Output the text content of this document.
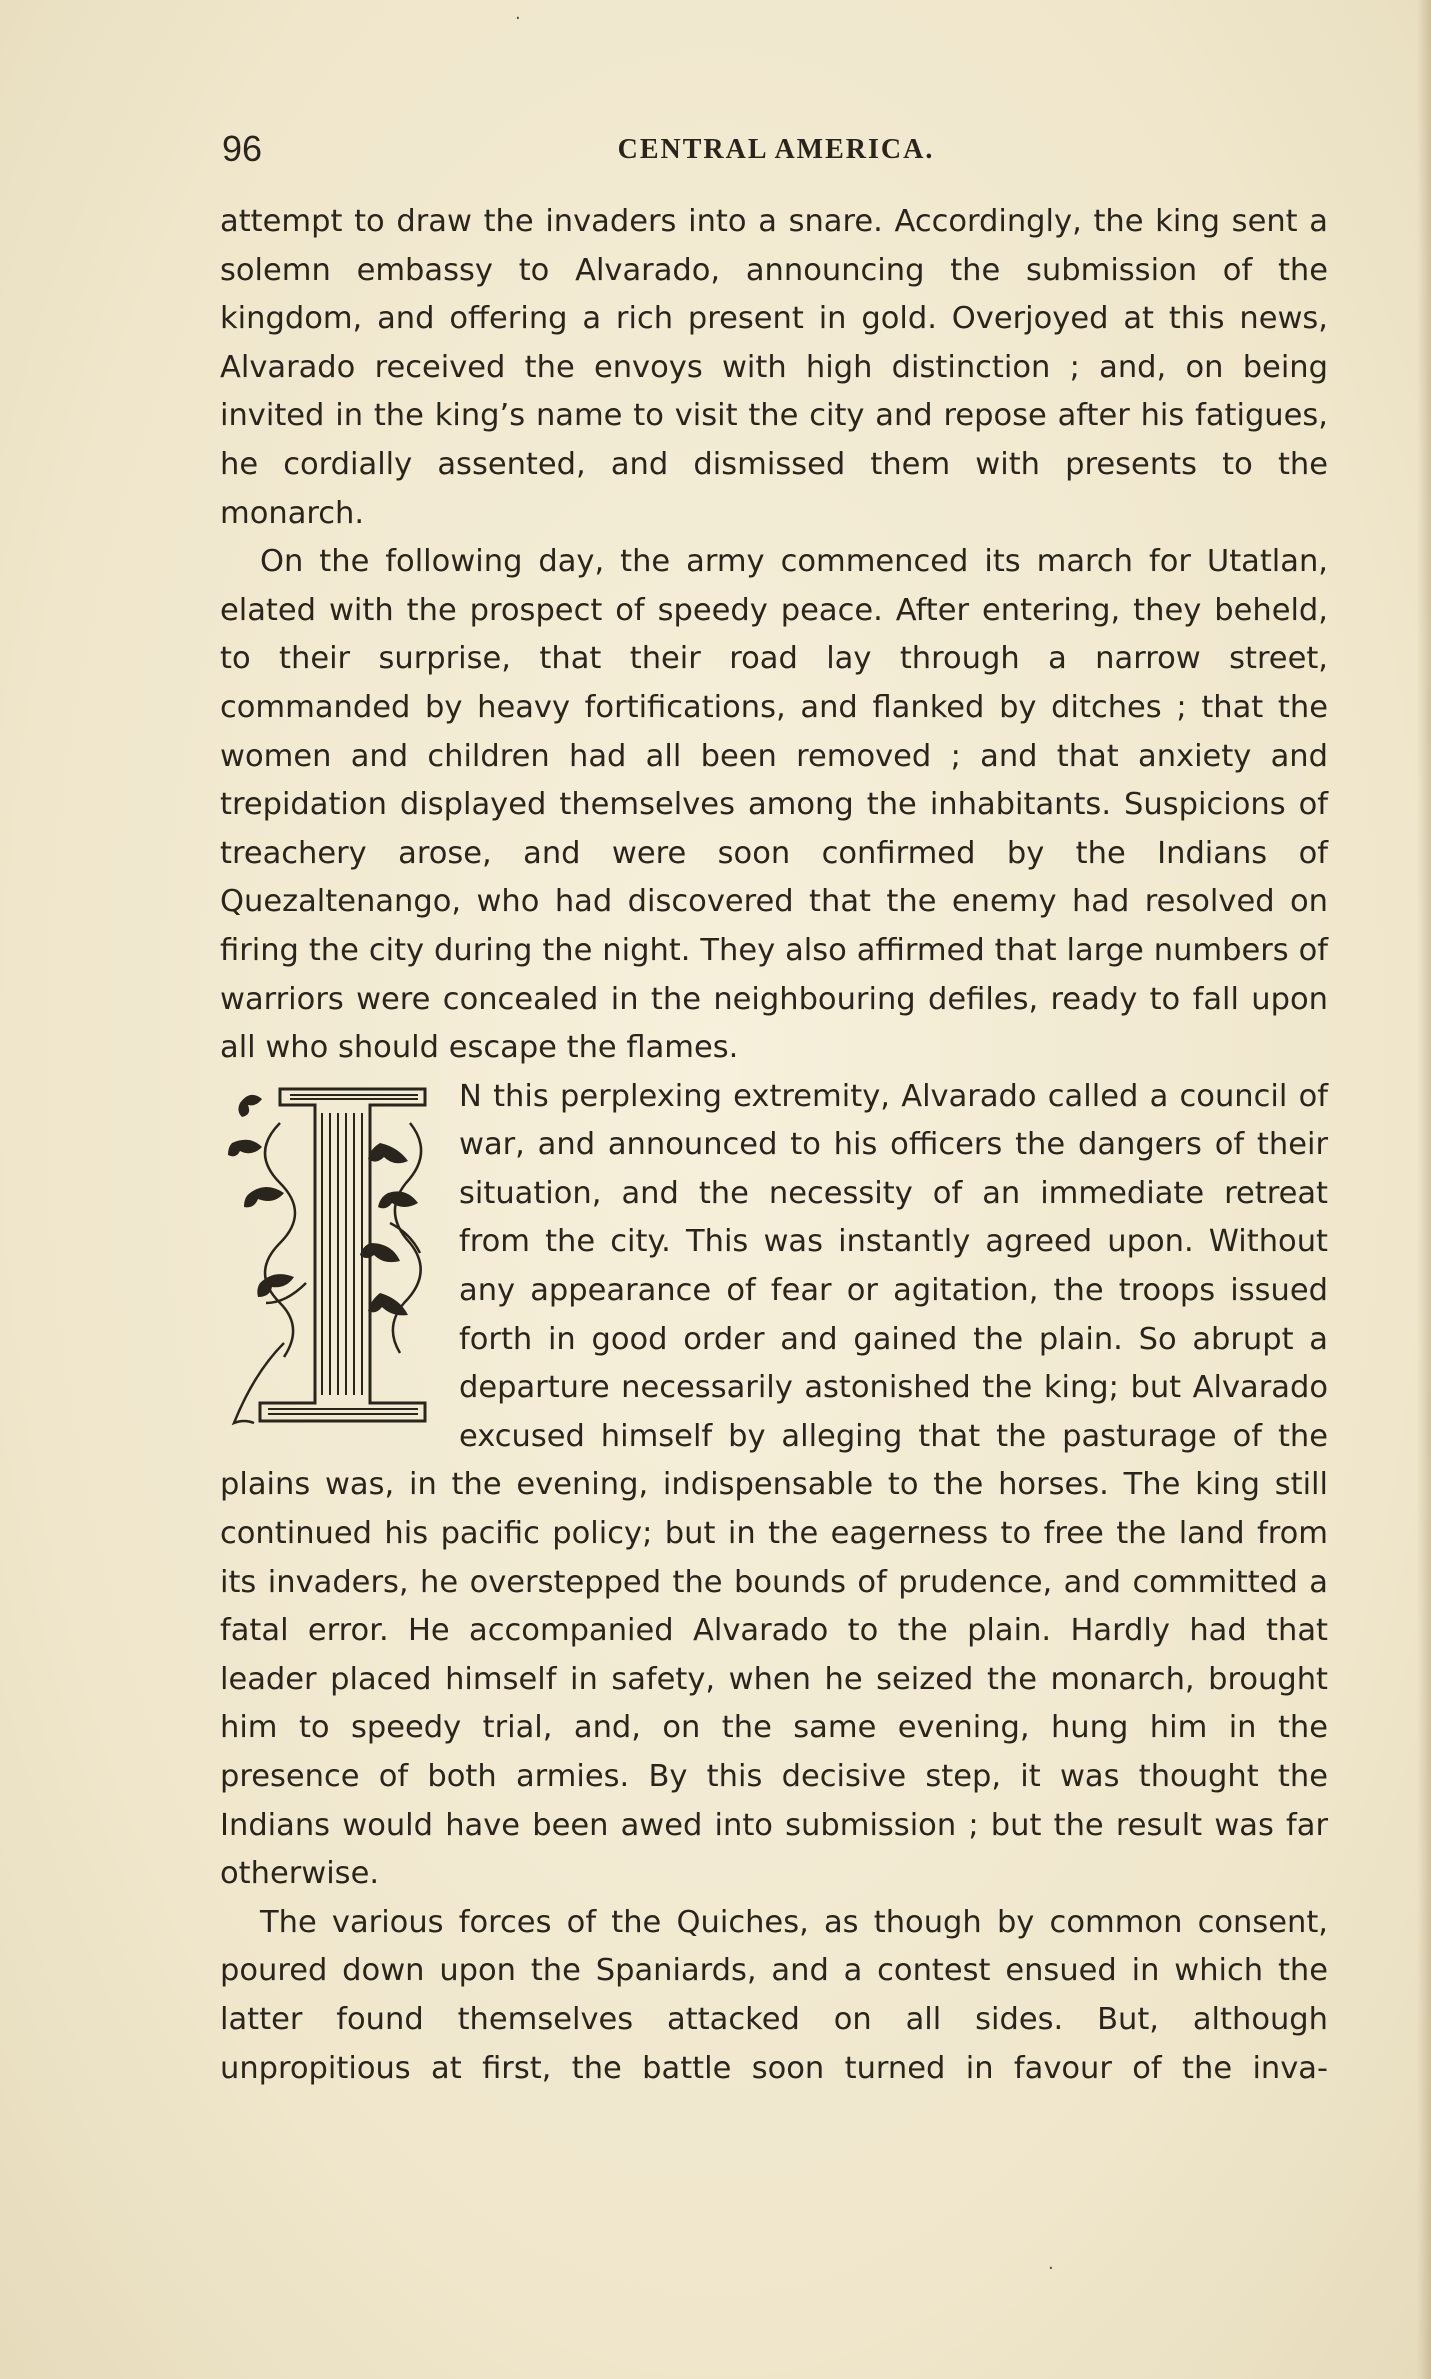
96	CENTRAL AMERICA.

attempt to draw the invaders into a snare. Accordingly, the king sent a solemn embassy to Alvarado, announcing the submission of the kingdom, and offering a rich present in gold. Overjoyed at this news, Alvarado received the envoys with high distinction ; and, on being invited in the king’s name to visit the city and repose after his fatigues, he cordially assented, and dismissed them with presents to the monarch.

On the following day, the army commenced its march for Utatlan, elated with the prospect of speedy peace. After entering, they beheld, to their surprise, that their road lay through a narrow street, commanded by heavy fortifications, and flanked by ditches ; that the women and children had all been removed ; and that anxiety and trepidation displayed themselves among the inhabitants. Suspicions of treachery arose, and were soon confirmed by the Indians of Quezaltenango, who had discovered that the enemy had resolved on firing the city during the night. They also affirmed that large numbers of warriors were concealed in the neighbouring defiles, ready to fall upon all who should escape the flames.

N this perplexing extremity, Alvarado called a council of war, and announced to his officers the dangers of their situation, and the necessity of an immediate retreat from the city. This was instantly agreed upon. Without any appearance of fear or agitation, the troops issued forth in good order and gained the plain. So abrupt a departure necessarily astonished the king; but Alvarado excused himself by alleging that the pasturage of the plains was, in the evening, indispensable to the horses. The king still continued his pacific policy; but in the eagerness to free the land from its invaders, he overstepped the bounds of prudence, and committed a fatal error. He accompanied Alvarado to the plain. Hardly had that leader placed himself in safety, when he seized the monarch, brought him to speedy trial, and, on the same evening, hung him in the presence of both armies. By this decisive step, it was thought the Indians would have been awed into submission ; but the result was far otherwise.

The various forces of the Quiches, as though by common consent, poured down upon the Spaniards, and a contest ensued in which the latter found themselves attacked on all sides. But, although unpropitious at first, the battle soon turned in favour of the inva-

·
·
